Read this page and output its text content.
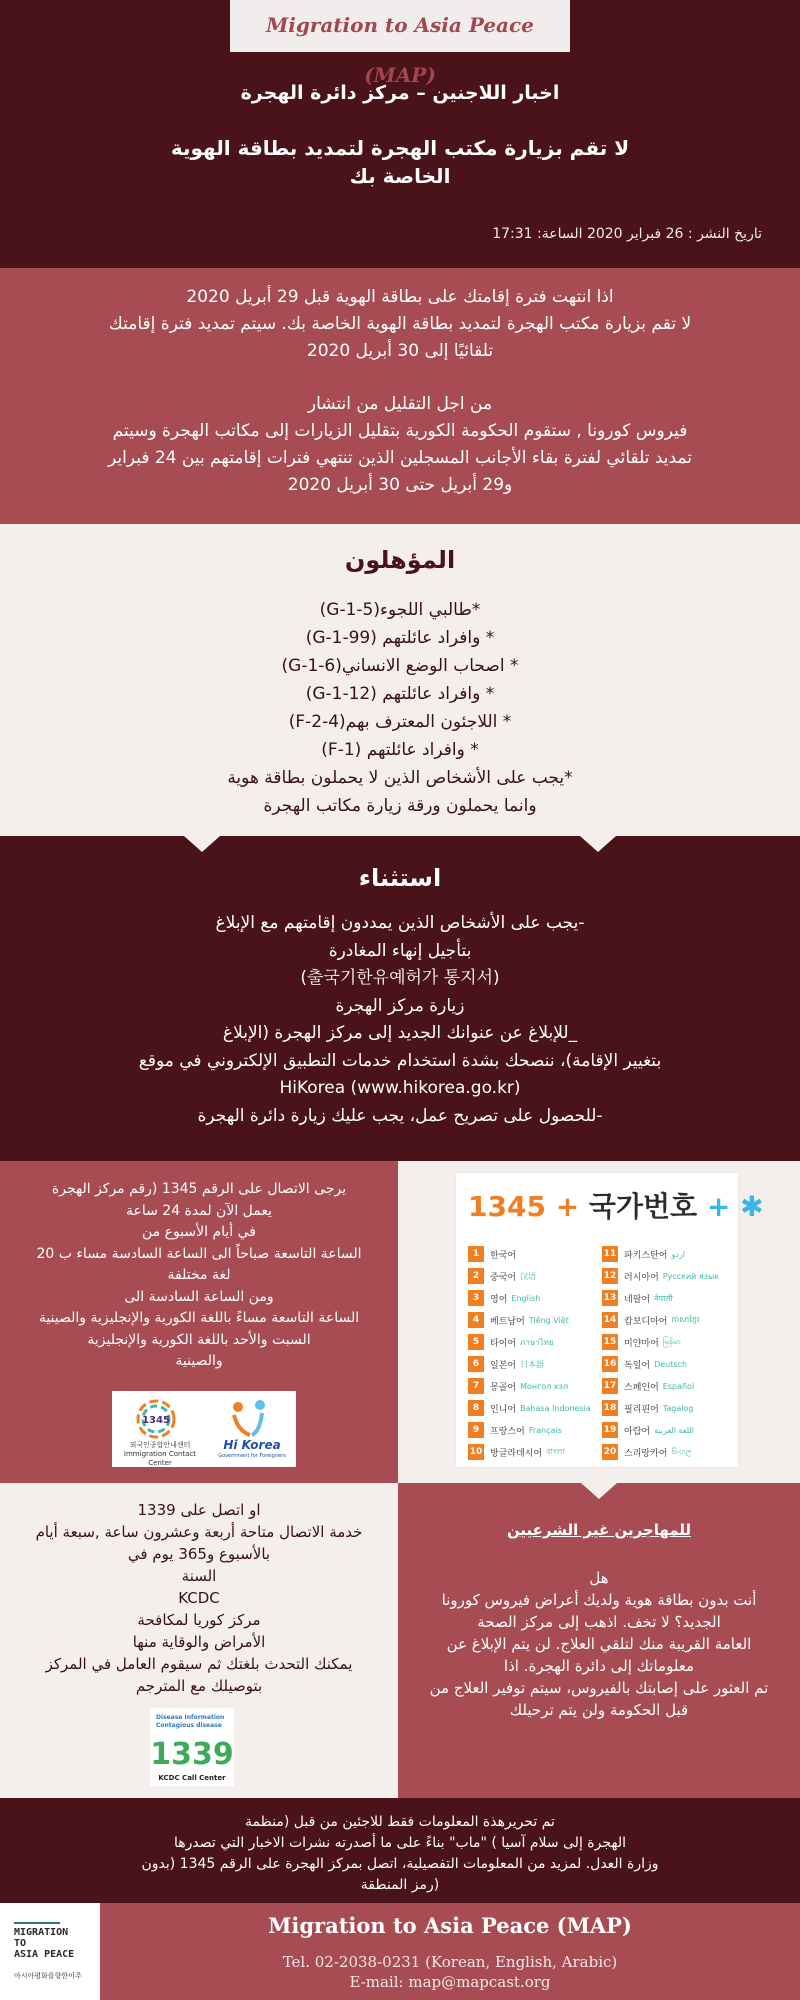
Migration to Asia Peace (MAP)
اخبار اللاجنين – مركز دائرة الهجرة
لا تقم بزيارة مكتب الهجرة لتمديد بطاقة الهوية الخاصة بك
تاريخ النشر : 26 فبراير 2020 الساعة: 17:31

اذا انتهت فترة إقامتك على بطاقة الهوية قبل 29 أبريل 2020

لا تقم بزيارة مكتب الهجرة لتمديد بطاقة الهوية الخاصة بك. سيتم تمديد فترة إقامتك

تلقائيًا إلى 30 أبريل 2020

من اجل التقليل من انتشار

فيروس كورونا , ستقوم الحكومة الكورية بتقليل الزيارات إلى مكاتب الهجرة وسيتم

تمديد تلقائي لفترة بقاء الأجانب المسجلين الذين تنتهي فترات إقامتهم بين 24 فبراير

و29 أبريل حتى 30 أبريل 2020

المؤهلون
*طالبي اللجوء(G-1-5)
* وافراد عائلتهم (G-1-99)
* اصحاب الوضع الانساني(G-1-6)
* وافراد عائلتهم (G-1-12)
* اللاجئون المعترف بهم(F-2-4)
* وافراد عائلتهم (F-1)
*يجب على الأشخاص الذين لا يحملون بطاقة هوية
وانما يحملون ورقة زيارة مكاتب الهجرة
استثناء
-يجب على الأشخاص الذين يمددون إقامتهم مع الإبلاغ
بتأجيل إنهاء المغادرة
(출국기한유예허가 통지서)
زيارة مركز الهجرة
_للإبلاغ عن عنوانك الجديد إلى مركز الهجرة (الإبلاغ
بتغيير الإقامة)، ننصحك بشدة استخدام خدمات التطبيق الإلكتروني في موقع
HiKorea (www.hikorea.go.kr)
-للحصول على تصريح عمل، يجب عليك زيارة دائرة الهجرة
يرجى الاتصال على الرقم 1345 (رقم مركز الهجرة
يعمل الآن لمدة 24 ساعة
في أيام الأسبوع من
الساعة التاسعة صباحاً الى الساعة السادسة مساء ب 20
لغة مختلفة
ومن الساعة السادسة الى
الساعة التاسعة مساءً باللغة الكورية والإنجليزية والصينية
السبت والأحد باللغة الكورية والإنجليزية
والصينية
1345
외국인종합안내센터
Immigration Contact Center
Hi Korea
Government for Foreigners
1345 + 국가번호 + ✱
1	한국어
2	중국어 汉语
3	영어 English
4	베트남어 Tiếng Việt
5	타이어 ภาษาไทย
6	일본어 日本語
7	몽골어 Монгол хэл
8	인니어 Bahasa Indonesia
9	프랑스어 Français
10 방글라데시어 বাংলা
11 파키스탄어 اردو
12 러시아어 Русский язык
13 네팔어 नेपाली
14 캄보디아어 ភាសាខ្មែរ
15 미얀마어 မြန်မာ
16 독일어 Deutsch
17 스페인어 Español
18 필리핀어 Tagalog
19 아랍어 اللغة العربية
20 스리랑카어 සිංහල
او اتصل على 1339
خدمة الاتصال متاحة أربعة وعشرون ساعة ,سبعة أيام
بالأسبوع و365 يوم في
السنة
KCDC
مركز كوريا لمكافحة
الأمراض والوقاية منها
يمكنك التحدث بلغتك ثم سيقوم العامل في المركز
بتوصيلك مع المترجم
Disease Information
Contagious disease
1339
KCDC Call Center
للمهاجرين غير الشرعيين
هل
أنت بدون بطاقة هوية ولديك أعراض فيروس كورونا
الجديد؟ لا تخف. اذهب إلى مركز الصحة
العامة القريبة منك لتلقي العلاج. لن يتم الإبلاغ عن
معلوماتك إلى دائرة الهجرة. اذا
تم العثور على إصابتك بالفيروس، سيتم توفير العلاج من
قبل الحكومة ولن يتم ترحيلك
تم تحريرهذة المعلومات فقط للاجئين من قبل (منظمة
الهجرة إلى سلام آسيا ) "ماب" بناءً على ما أصدرته نشرات الاخبار التي تصدرها
وزارة العدل. لمزيد من المعلومات التفصيلية، اتصل بمركز الهجرة على الرقم 1345 (بدون
(رمز المنطقة
MIGRATION
TO
ASIA PEACE
아시아평화를향한이주
Migration to Asia Peace (MAP)
Tel. 02-2038-0231 (Korean, English, Arabic)
E-mail: map@mapcast.org
